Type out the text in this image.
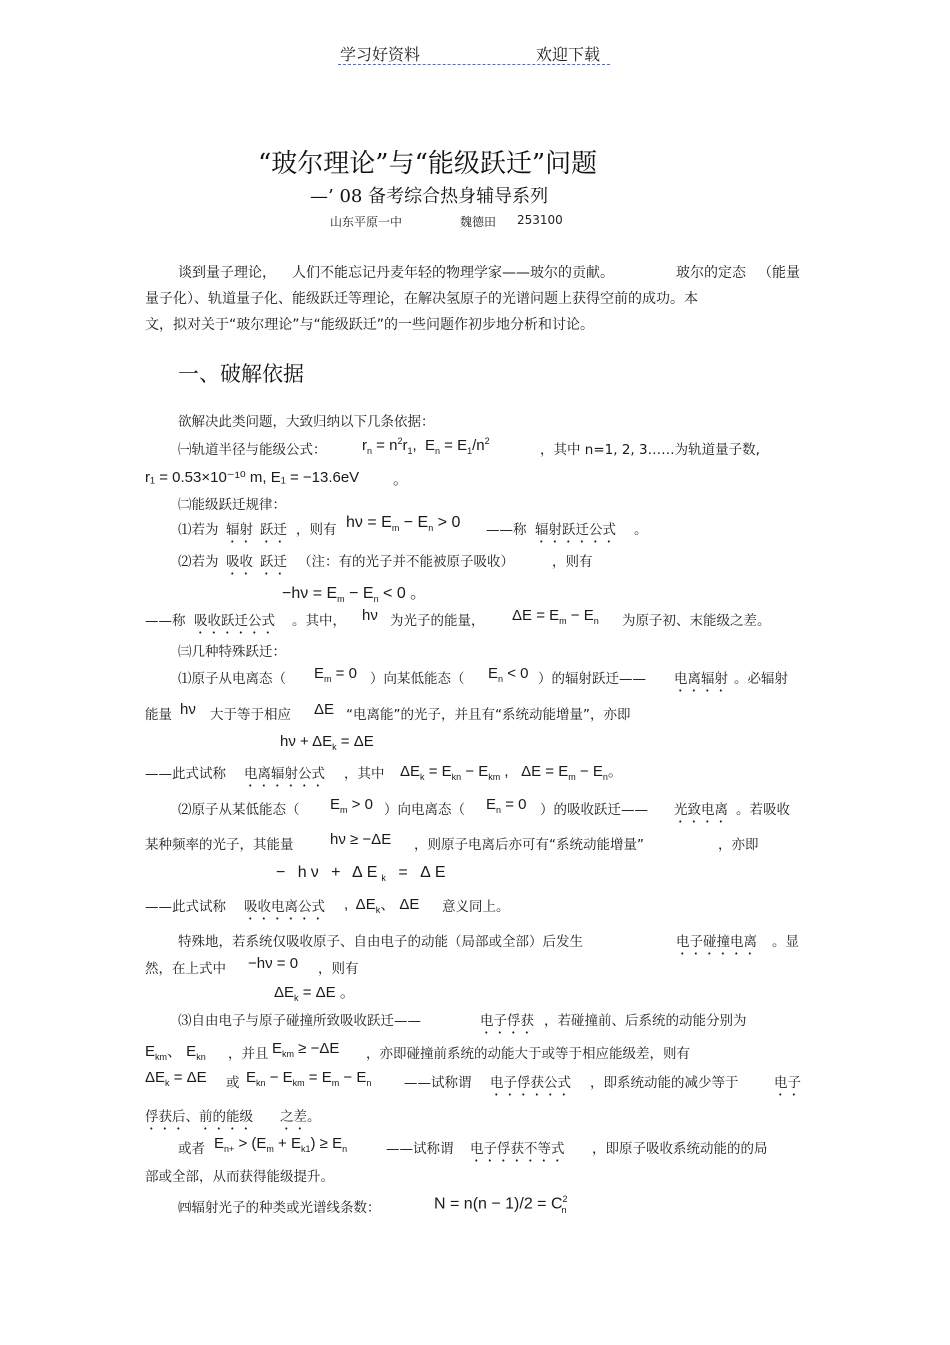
学习好资料	欢迎下载
“玻尔理论”与“能级跃迁”问题
—’ 08 备考综合热身辅导系列
山东平原一中	魏德田 253100
谈到量子理论， 人们不能忘记丹麦年轻的物理学家——玻尔的贡献。	玻尔的定态 （能量
量子化）、轨道量子化、能级跃迁等理论，在解决氢原子的光谱问题上获得空前的成功。本
文，拟对关于“玻尔理论”与“能级跃迁”的一些问题作初步地分析和讨论。
一、破解依据
欲解决此类问题，大致归纳以下几条依据：
㈠轨道半径与能级公式： $r_n = n^2r_1$,  $E_n = E_1/n^2$
，其中 n=1, 2, 3……为轨道量子数,
r₁ = 0.53×10⁻¹⁰ m, E₁ = −13.6eV 。
㈡能级跃迁规律：
⑴若为 辐射 跃迁 ，则有 $h\nu = E_m - E_n > 0$ ——称 辐射跃迁公式 。
⑵若为 吸收 跃迁 （注：有的光子并不能被原子吸收）	，则有
$-h\nu = E_m - E_n < 0$ 。
——称 吸收跃迁公式 。其中， hν 为光子的能量， $\Delta E = E_m - E_n$ 为原子初、末能级之差。
㈢几种特殊跃迁：
⑴原子从电离态（ $E_m = 0$ ）向某低能态（ $E_n < 0$ ）的辐射跃迁—— 电离辐射 。必辐射
能量 hν 大于等于相应 ΔE “电离能”的光子，并且有“系统动能增量”，亦即
$h\nu + \Delta E_k = \Delta E$
——此式试称 电离辐射公式 ，其中 $\Delta E_k = E_{kn} - E_{km}$ ,   $\Delta E = E_m - E_n$。
⑵原子从某低能态（ $E_m > 0$ ）向电离态（ $E_n = 0$ ）的吸收跃迁—— 光致电离 。若吸收
某种频率的光子，其能量 hν ≥ −ΔE ，则原子电离后亦可有“系统动能增量”	，亦即
− $h\nu + \Delta E_k = \Delta E$
——此式试称 吸收电离公式 ,  $\Delta E_k$、 ΔE 意义同上。
特殊地，若系统仅吸收原子、自由电子的动能（局部或全部）后发生	电子碰撞电离 。显
然，在上式中 −hν = 0 ，则有
$\Delta E_k = \Delta E$ 。
⑶自由电子与原子碰撞所致吸收跃迁——	电子俘获 ，若碰撞前、后系统的动能分别为
$E_{km}$、 $E_{kn}$ ，并且 $E_{km} \ge -\Delta E$ ，亦即碰撞前系统的动能大于或等于相应能级差，则有
$\Delta E_k = \Delta E$ 或 $E_{kn} - E_{km} = E_m - E_n$ ——试称谓 电子俘获公式 ，即系统动能的减少等于	电子
俘获后、前的能级 之差。
或者 $E_{n+} > (E_m + E_{k1}) \ge E_n$	——试称谓 电子俘获不等式 ，即原子吸收系统动能的的局
部或全部，从而获得能级提升。
㈣辐射光子的种类或光谱线条数：	$N = n(n - 1)/2 = C^2_n$
